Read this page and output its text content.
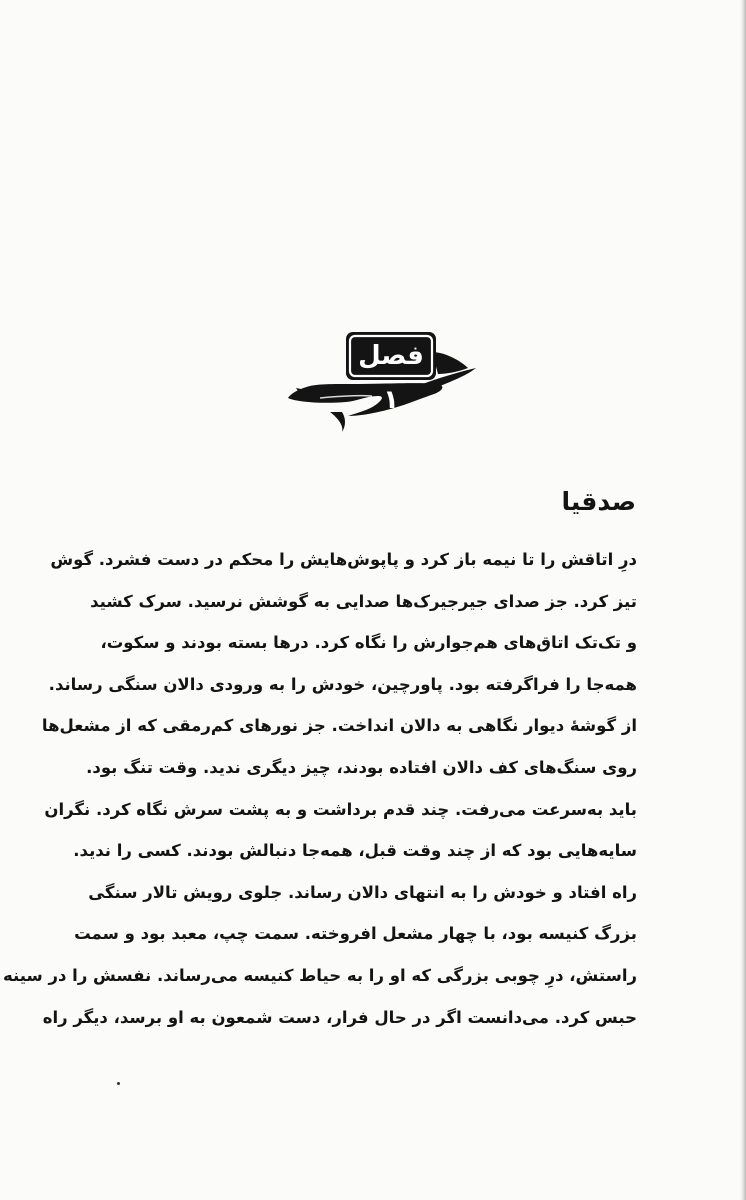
فصل ۱
صدقیا
درِ اتاقش را تا نیمه باز کرد و پاپوش‌هایش را محکم در دست فشرد. گوش
تیز کرد. جز صدای جیرجیرک‌ها صدایی به گوشش نرسید. سرک کشید
و تک‌تک اتاق‌های هم‌جوارش را نگاه کرد. درها بسته بودند و سکوت،
همه‌جا را فراگرفته بود. پاورچین، خودش را به ورودی دالان سنگی رساند.
از گوشهٔ دیوار نگاهی به دالان انداخت. جز نورهای کم‌رمقی که از مشعل‌ها
روی سنگ‌های کف دالان افتاده بودند، چیز دیگری ندید. وقت تنگ بود.
باید به‌سرعت می‌رفت. چند قدم برداشت و به پشت سرش نگاه کرد. نگران
سایه‌هایی بود که از چند وقت قبل، همه‌جا دنبالش بودند. کسی را ندید.
راه افتاد و خودش را به انتهای دالان رساند. جلوی رویش تالار سنگی
بزرگ کنیسه بود، با چهار مشعل افروخته. سمت چپ، معبد بود و سمت
راستش، درِ چوبی بزرگی که او را به حیاط کنیسه می‌رساند. نفسش را در سینه
حبس کرد. می‌دانست اگر در حال فرار، دست شمعون به او برسد، دیگر راه
